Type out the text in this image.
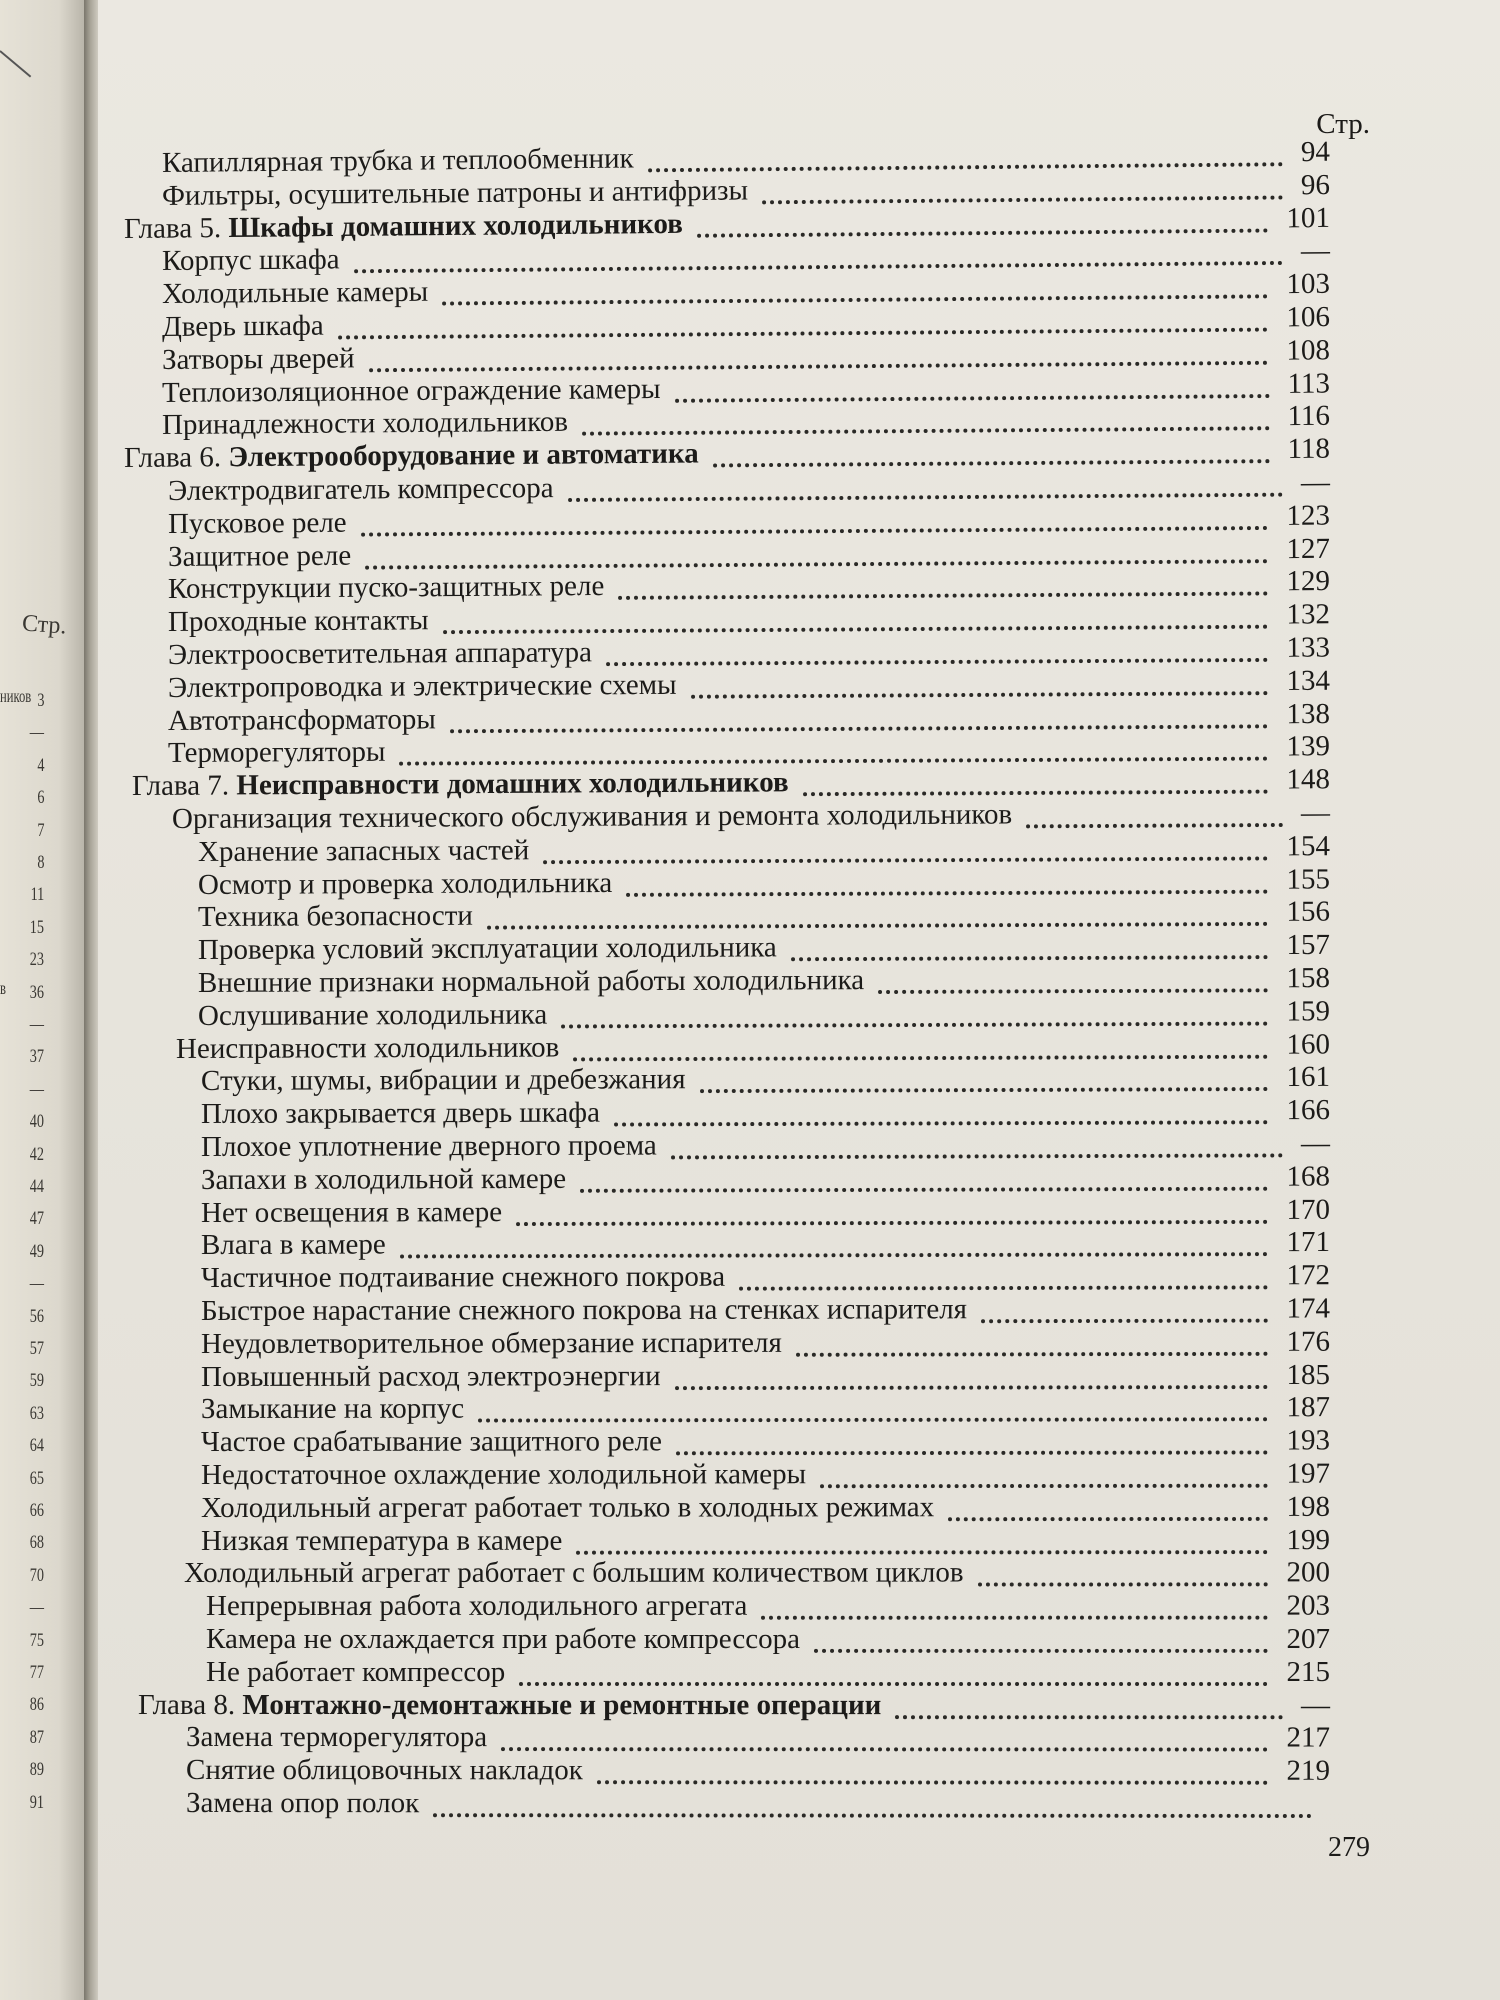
Стр.
3
ников
—
4
6
7
8
11
15
23
36
в
—
37
—
40
42
44
47
49
—
56
57
59
63
64
65
66
68
70
—
75
77
86
87
89
91
Стр.
Капиллярная трубка и теплообменник	94
Фильтры, осушительные патроны и антифризы	96
Глава 5. Шкафы домашних холодильников	101
Корпус шкафа	—
Холодильные камеры	103
Дверь шкафа	106
Затворы дверей	108
Теплоизоляционное ограждение камеры	113
Принадлежности холодильников	116
Глава 6. Электрооборудование и автоматика	118
Электродвигатель компрессора	—
Пусковое реле	123
Защитное реле	127
Конструкции пуско-защитных реле	129
Проходные контакты	132
Электроосветительная аппаратура	133
Электропроводка и электрические схемы	134
Автотрансформаторы	138
Терморегуляторы	139
Глава 7. Неисправности домашних холодильников	148
Организация технического обслуживания и ремонта холодильников	—
Хранение запасных частей	154
Осмотр и проверка холодильника	155
Техника безопасности	156
Проверка условий эксплуатации холодильника	157
Внешние признаки нормальной работы холодильника	158
Ослушивание холодильника	159
Неисправности холодильников	160
Стуки, шумы, вибрации и дребезжания	161
Плохо закрывается дверь шкафа	166
Плохое уплотнение дверного проема	—
Запахи в холодильной камере	168
Нет освещения в камере	170
Влага в камере	171
Частичное подтаивание снежного покрова	172
Быстрое нарастание снежного покрова на стенках испарителя	174
Неудовлетворительное обмерзание испарителя	176
Повышенный расход электроэнергии	185
Замыкание на корпус	187
Частое срабатывание защитного реле	193
Недостаточное охлаждение холодильной камеры	197
Холодильный агрегат работает только в холодных режимах	198
Низкая температура в камере	199
Холодильный агрегат работает с большим количеством циклов	200
Непрерывная работа холодильного агрегата	203
Камера не охлаждается при работе компрессора	207
Не работает компрессор	215
Глава 8. Монтажно-демонтажные и ремонтные операции	—
Замена терморегулятора	217
Снятие облицовочных накладок	219
Замена опор полок
279
